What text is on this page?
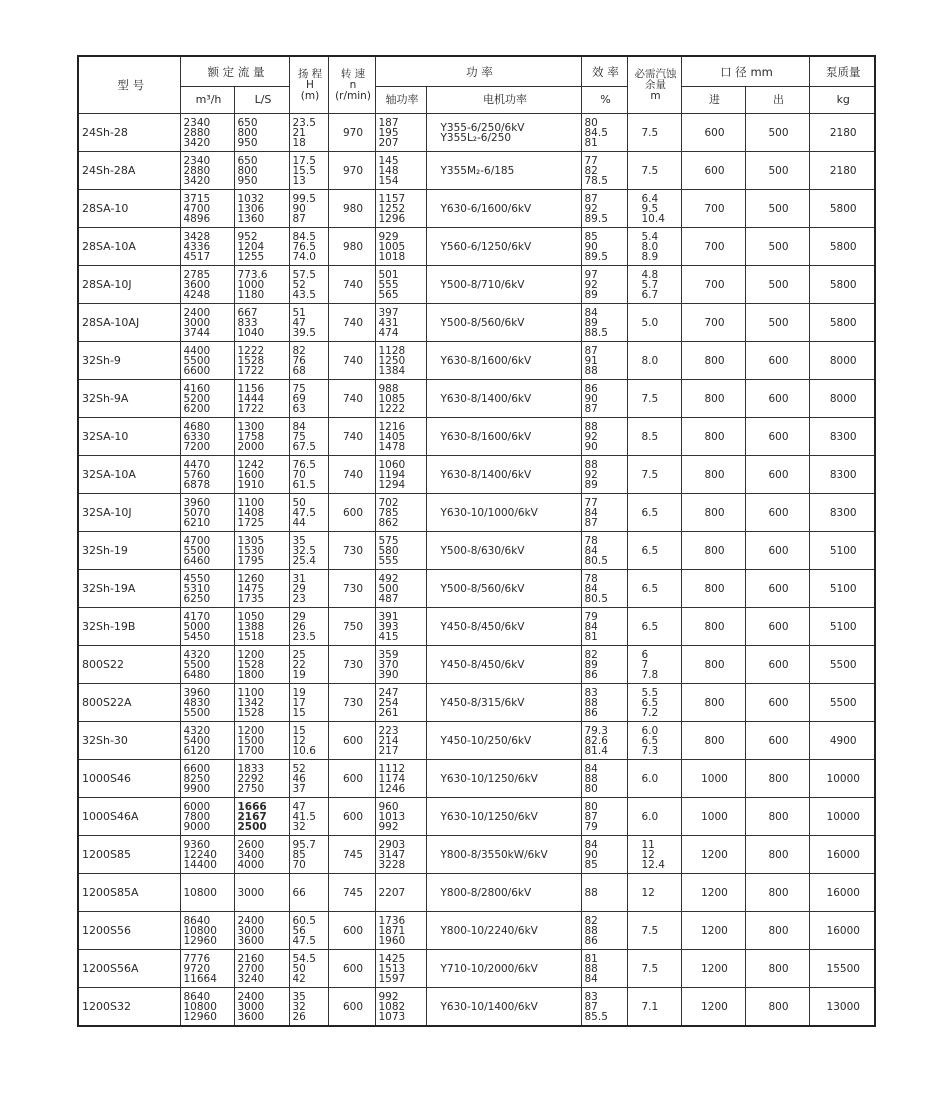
型 号	额 定 流 量		扬 程
H
(m)	转 速
n
(r/min)	功 率		效 率	必需汽蚀余量
m	口 径 mm		泵质量
	m³/h	L/S			轴功率	电机功率	%		进	出	kg
24Sh-28	2340
2880
3420	650
800
950	23.5
21
18	970	187
195
207	Y355-6/250/6kV
Y355L₂-6/250	80
84.5
81	7.5	600	500	2180
24Sh-28A	2340
2880
3420	650
800
950	17.5
15.5
13	970	145
148
154	Y355M₂-6/185	77
82
78.5	7.5	600	500	2180
28SA-10	3715
4700
4896	1032
1306
1360	99.5
90
87	980	1157
1252
1296	Y630-6/1600/6kV	87
92
89.5	6.4
9.5
10.4	700	500	5800
28SA-10A	3428
4336
4517	952
1204
1255	84.5
76.5
74.0	980	929
1005
1018	Y560-6/1250/6kV	85
90
89.5	5.4
8.0
8.9	700	500	5800
28SA-10J	2785
3600
4248	773.6
1000
1180	57.5
52
43.5	740	501
555
565	Y500-8/710/6kV	97
92
89	4.8
5.7
6.7	700	500	5800
28SA-10AJ	2400
3000
3744	667
833
1040	51
47
39.5	740	397
431
474	Y500-8/560/6kV	84
89
88.5	5.0	700	500	5800
32Sh-9	4400
5500
6600	1222
1528
1722	82
76
68	740	1128
1250
1384	Y630-8/1600/6kV	87
91
88	8.0	800	600	8000
32Sh-9A	4160
5200
6200	1156
1444
1722	75
69
63	740	988
1085
1222	Y630-8/1400/6kV	86
90
87	7.5	800	600	8000
32SA-10	4680
6330
7200	1300
1758
2000	84
75
67.5	740	1216
1405
1478	Y630-8/1600/6kV	88
92
90	8.5	800	600	8300
32SA-10A	4470
5760
6878	1242
1600
1910	76.5
70
61.5	740	1060
1194
1294	Y630-8/1400/6kV	88
92
89	7.5	800	600	8300
32SA-10J	3960
5070
6210	1100
1408
1725	50
47.5
44	600	702
785
862	Y630-10/1000/6kV	77
84
87	6.5	800	600	8300
32Sh-19	4700
5500
6460	1305
1530
1795	35
32.5
25.4	730	575
580
555	Y500-8/630/6kV	78
84
80.5	6.5	800	600	5100
32Sh-19A	4550
5310
6250	1260
1475
1735	31
29
23	730	492
500
487	Y500-8/560/6kV	78
84
80.5	6.5	800	600	5100
32Sh-19B	4170
5000
5450	1050
1388
1518	29
26
23.5	750	391
393
415	Y450-8/450/6kV	79
84
81	6.5	800	600	5100
800S22	4320
5500
6480	1200
1528
1800	25
22
19	730	359
370
390	Y450-8/450/6kV	82
89
86	6
7
7.8	800	600	5500
800S22A	3960
4830
5500	1100
1342
1528	19
17
15	730	247
254
261	Y450-8/315/6kV	83
88
86	5.5
6.5
7.2	800	600	5500
32Sh-30	4320
5400
6120	1200
1500
1700	15
12
10.6	600	223
214
217	Y450-10/250/6kV	79.3
82.6
81.4	6.0
6.5
7.3	800	600	4900
1000S46	6600
8250
9900	1833
2292
2750	52
46
37	600	1112
1174
1246	Y630-10/1250/6kV	84
88
80	6.0	1000	800	10000
1000S46A	6000
7800
9000	1666
2167
2500	47
41.5
32	600	960
1013
992	Y630-10/1250/6kV	80
87
79	6.0	1000	800	10000
1200S85	9360
12240
14400	2600
3400
4000	95.7
85
70	745	2903
3147
3228	Y800-8/3550kW/6kV	84
90
85	11
12
12.4	1200	800	16000
1200S85A	10800	3000	66	745	2207	Y800-8/2800/6kV	88	12	1200	800	16000
1200S56	8640
10800
12960	2400
3000
3600	60.5
56
47.5	600	1736
1871
1960	Y800-10/2240/6kV	82
88
86	7.5	1200	800	16000
1200S56A	7776
9720
11664	2160
2700
3240	54.5
50
42	600	1425
1513
1597	Y710-10/2000/6kV	81
88
84	7.5	1200	800	15500
1200S32	8640
10800
12960	2400
3000
3600	35
32
26	600	992
1082
1073	Y630-10/1400/6kV	83
87
85.5	7.1	1200	800	13000
